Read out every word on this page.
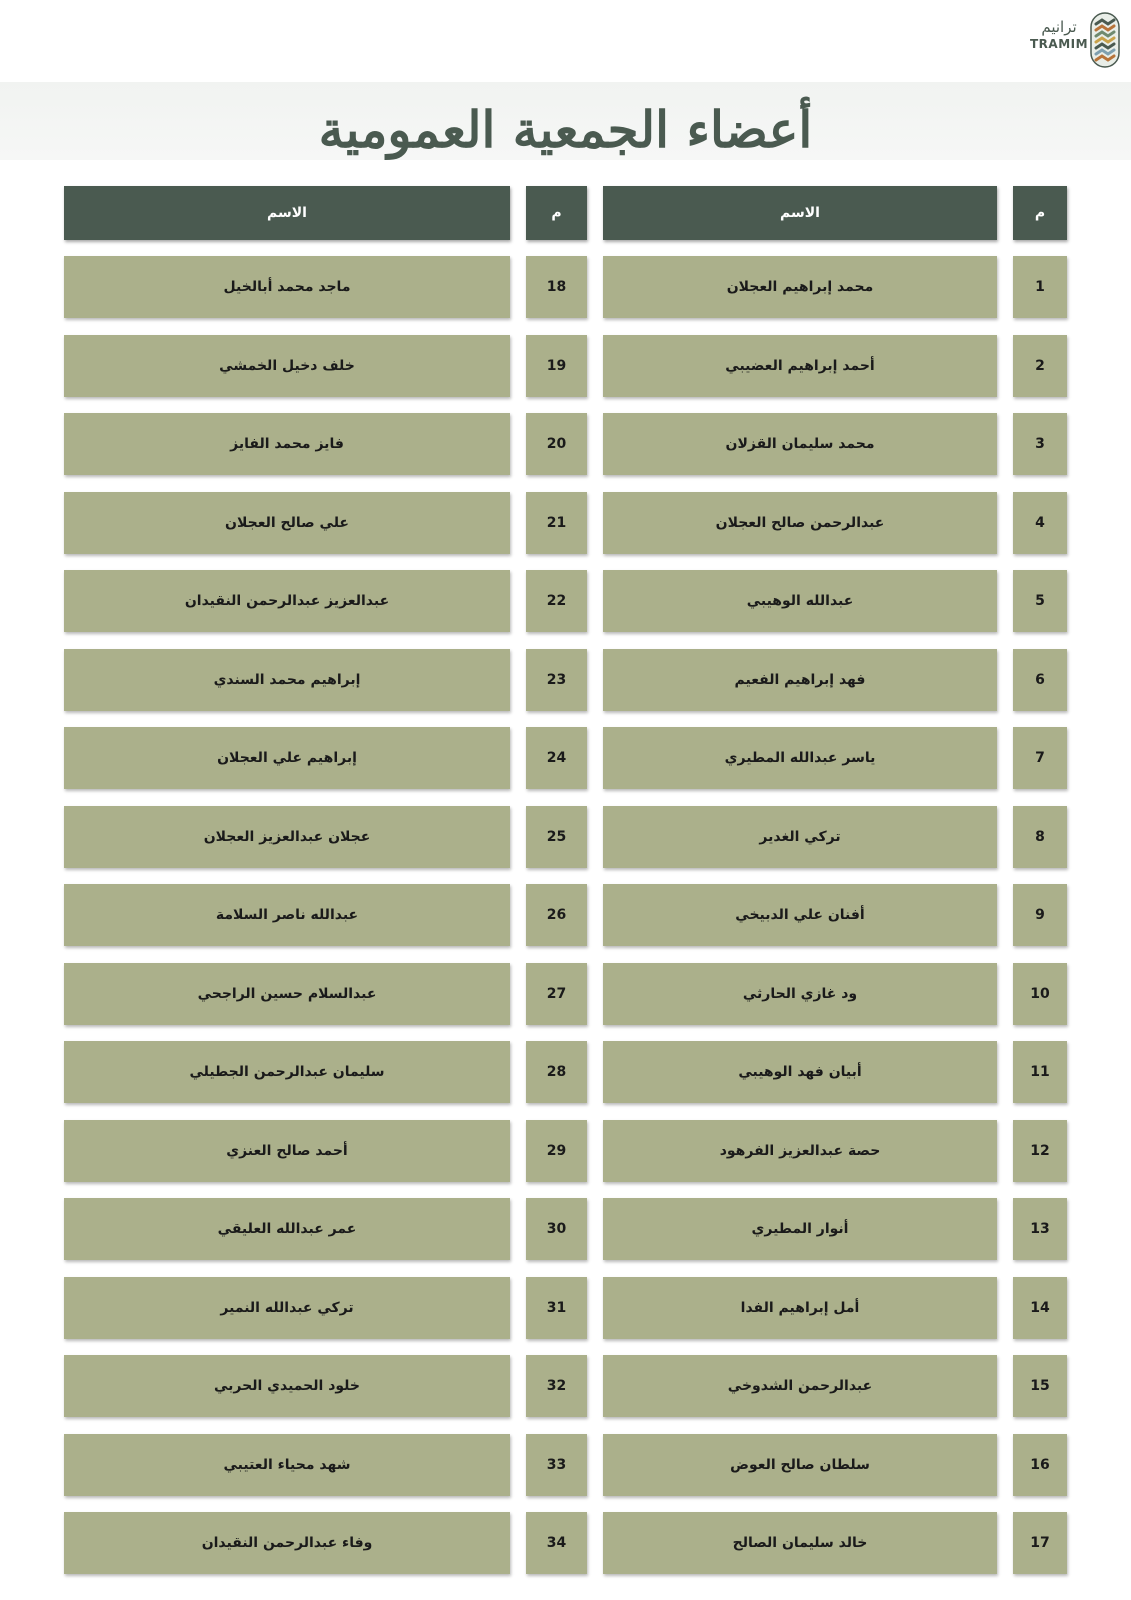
ترانيم
TRAMIM
أعضاء الجمعية العمومية
م
1
2
3
4
5
6
7
8
9
10
11
12
13
14
15
16
17
الاسم
محمد إبراهيم العجلان
أحمد إبراهيم العضيبي
محمد سليمان القزلان
عبدالرحمن صالح العجلان
عبدالله الوهيبي
فهد إبراهيم الفعيم
ياسر عبدالله المطيري
تركي الغدير
أفنان علي الدبيخي
ود غازي الحارثي
أبيان فهد الوهيبي
حصة عبدالعزيز الفرهود
أنوار المطيري
أمل إبراهيم الفدا
عبدالرحمن الشدوخي
سلطان صالح العوض
خالد سليمان الصالح
م
18
19
20
21
22
23
24
25
26
27
28
29
30
31
32
33
34
الاسم
ماجد محمد أبالخيل
خلف دخيل الخمشي
فايز محمد الفايز
علي صالح العجلان
عبدالعزيز عبدالرحمن النقيدان
إبراهيم محمد السندي
إبراهيم علي العجلان
عجلان عبدالعزيز العجلان
عبدالله ناصر السلامة
عبدالسلام حسين الراجحي
سليمان عبدالرحمن الجطيلي
أحمد صالح العنزي
عمر عبدالله العليقي
تركي عبدالله النمير
خلود الحميدي الحربي
شهد محياء العتيبي
وفاء عبدالرحمن النقيدان
